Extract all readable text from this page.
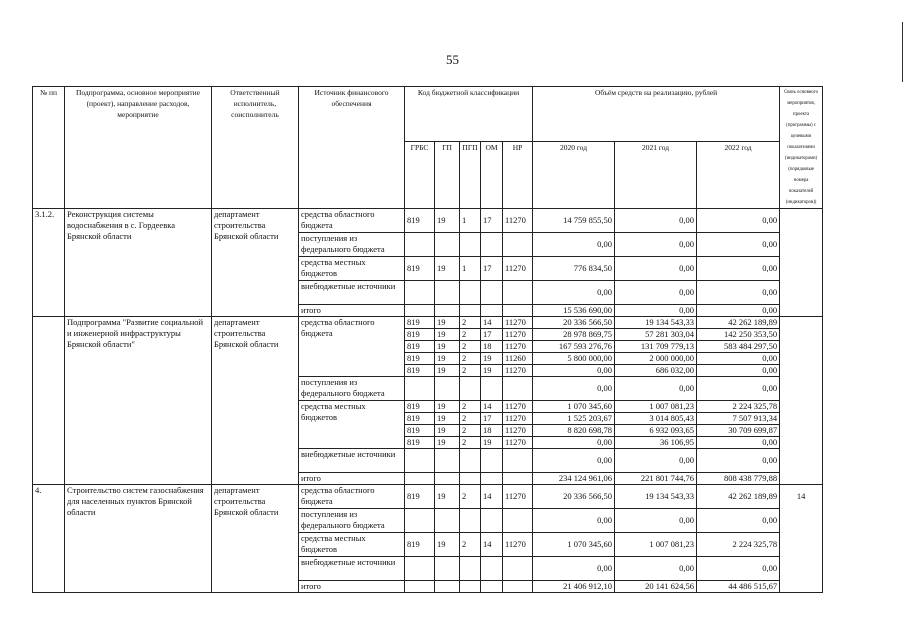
55
№ пп	Подпрограмма, основное мероприятие (проект), направление расходов, мероприятие	Ответственный исполнитель, соисполнитель	Источник финансового обеспечения	Код бюджетной классификации					Объём средств на реализацию, рублей			Связь основного мероприятия, проекта (программы) с целевыми показателями (индикаторами) (порядковые номера показателей (индикаторов))
				ГРБС	ГП	ПГП	ОМ	НР	2020 год	2021 год	2022 год	
3.1.2.	Реконструкция системы водоснабжения в с. Гордеевка Брянской области	департамент строительства Брянской области	средства областного бюджета	819	19	1	17	11270	14 759 855,50	0,00	0,00	
			поступления из федерального бюджета						0,00	0,00	0,00	
			средства местных бюджетов	819	19	1	17	11270	776 834,50	0,00	0,00	
			внебюджетные источники						0,00	0,00	0,00	
			итого						15 536 690,00	0,00	0,00	
	Подпрограмма "Развитие социальной и инженерной инфраструктуры Брянской области"	департамент строительства Брянской области	средства областного бюджета	819	19	2	14	11270	20 336 566,50	19 134 543,33	42 262 189,89	
				819	19	2	17	11270	28 978 869,75	57 281 303,04	142 250 353,50	
				819	19	2	18	11270	167 593 276,76	131 709 779,13	583 484 297,50	
				819	19	2	19	11260	5 800 000,00	2 000 000,00	0,00	
				819	19	2	19	11270	0,00	686 032,00	0,00	
			поступления из федерального бюджета						0,00	0,00	0,00	
			средства местных бюджетов	819	19	2	14	11270	1 070 345,60	1 007 081,23	2 224 325,78	
				819	19	2	17	11270	1 525 203,67	3 014 805,43	7 507 913,34	
				819	19	2	18	11270	8 820 698,78	6 932 093,65	30 709 699,87	
				819	19	2	19	11270	0,00	36 106,95	0,00	
			внебюджетные источники						0,00	0,00	0,00	
			итого						234 124 961,06	221 801 744,76	808 438 779,88	
4.	Строительство систем газоснабжения для населенных пунктов Брянской области	департамент строительства Брянской области	средства областного бюджета	819	19	2	14	11270	20 336 566,50	19 134 543,33	42 262 189,89	14
			поступления из федерального бюджета						0,00	0,00	0,00	
			средства местных бюджетов	819	19	2	14	11270	1 070 345,60	1 007 081,23	2 224 325,78	
			внебюджетные источники						0,00	0,00	0,00	
			итого						21 406 912,10	20 141 624,56	44 486 515,67	
